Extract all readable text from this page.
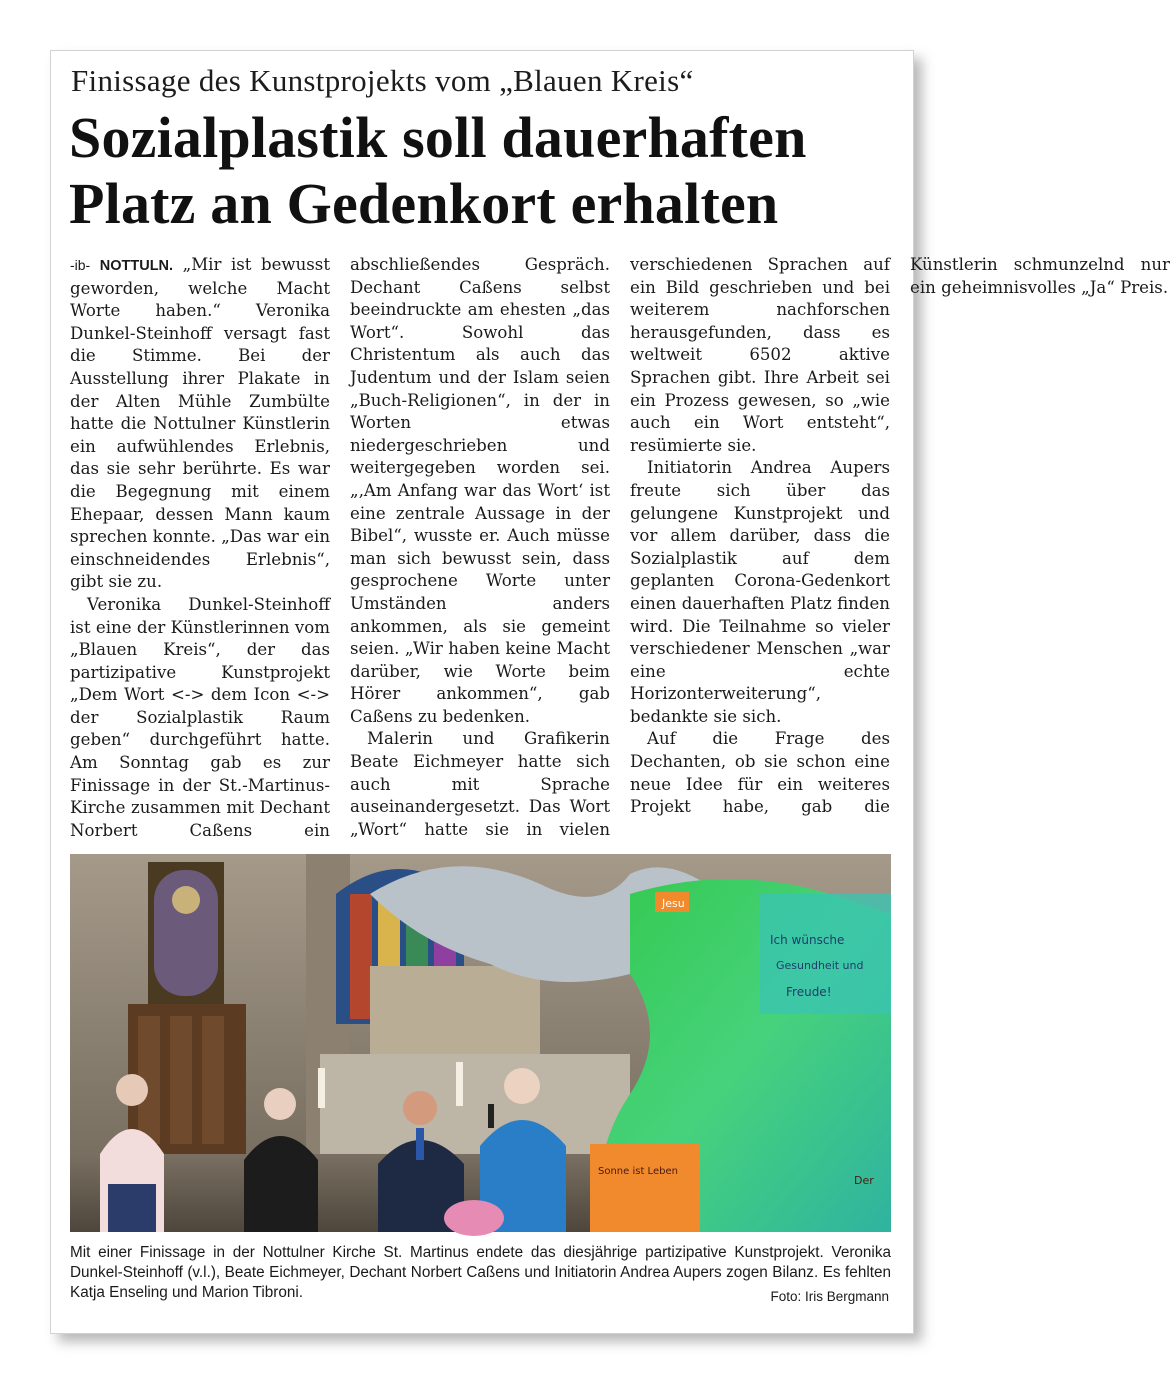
Finissage des Kunstprojekts vom „Blauen Kreis“
Sozialplastik soll dauerhaften Platz an Gedenkort erhalten

-ib- NOTTULN. „Mir ist bewusst geworden, welche Macht Worte haben.“ Veronika Dunkel-Steinhoff versagt fast die Stimme. Bei der Ausstellung ihrer Plakate in der Alten Mühle Zumbülte hatte die Nottulner Künstlerin ein aufwühlendes Erlebnis, das sie sehr berührte. Es war die Begegnung mit einem Ehepaar, dessen Mann kaum sprechen konnte. „Das war ein einschneidendes Erlebnis“, gibt sie zu.

Veronika Dunkel-Steinhoff ist eine der Künstlerinnen vom „Blauen Kreis“, der das partizipative Kunstprojekt „Dem Wort <-> dem Icon <-> der Sozialplastik Raum geben“ durchgeführt hatte. Am Sonntag gab es zur Finissage in der St.-Martinus-Kirche zusammen mit Dechant Norbert Caßens ein abschließendes Gespräch. Dechant Caßens selbst beeindruckte am ehesten „das Wort“. Sowohl das Christentum als auch das Judentum und der Islam seien „Buch-Religionen“, in der in Worten etwas niedergeschrieben und weitergegeben worden sei. „‚Am Anfang war das Wort‘ ist eine zentrale Aussage in der Bibel“, wusste er. Auch müsse man sich bewusst sein, dass gesprochene Worte unter Umständen anders ankommen, als sie gemeint seien. „Wir haben keine Macht darüber, wie Worte beim Hörer ankommen“, gab Caßens zu bedenken.

Malerin und Grafikerin Beate Eichmeyer hatte sich auch mit Sprache auseinandergesetzt. Das Wort „Wort“ hatte sie in vielen verschiedenen Sprachen auf ein Bild geschrieben und bei weiterem nachforschen herausgefunden, dass es weltweit 6502 aktive Sprachen gibt. Ihre Arbeit sei ein Prozess gewesen, so „wie auch ein Wort entsteht“, resümierte sie.

Initiatorin Andrea Aupers freute sich über das gelungene Kunstprojekt und vor allem darüber, dass die Sozialplastik auf dem geplanten Corona-Gedenkort einen dauerhaften Platz finden wird. Die Teilnahme so vieler verschiedener Menschen „war eine echte Horizonterweiterung“, bedankte sie sich.

Auf die Frage des Dechanten, ob sie schon eine neue Idee für ein weiteres Projekt habe, gab die Künstlerin schmunzelnd nur ein geheimnisvolles „Ja“ Preis.

Jesu
Ich wünsche
Gesundheit und
Freude!
Sonne ist Leben
Der
Mit einer Finissage in der Nottulner Kirche St. Martinus endete das diesjährige partizipative Kunstprojekt. Veronika Dunkel-Steinhoff (v.l.), Beate Eichmeyer, Dechant Norbert Caßens und Initiatorin Andrea Aupers zogen Bilanz. Es fehlten Katja Enseling und Marion Tibroni.	Foto: Iris Bergmann
